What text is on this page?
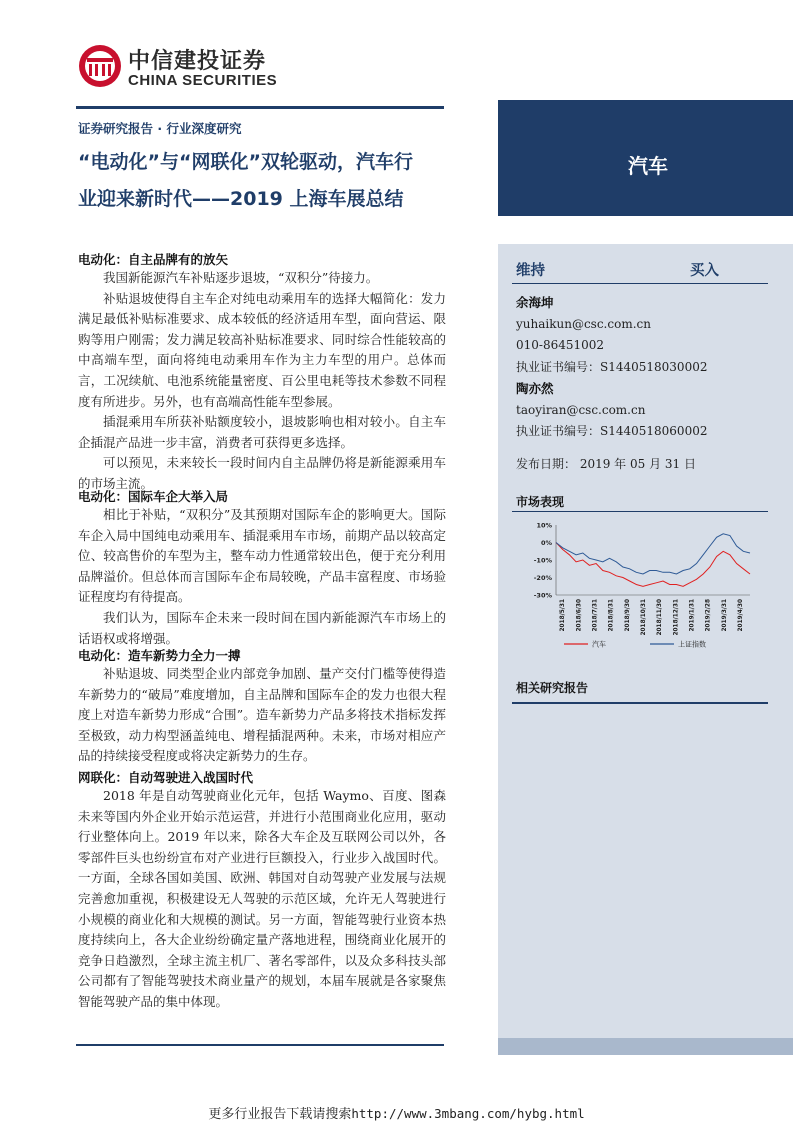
中信建投证券
CHINA SECURITIES
证券研究报告 · 行业深度研究
“电动化”与“网联化”双轮驱动，汽车行
业迎来新时代——2019 上海车展总结
汽车
维持	买入
余海坤
yuhaikun@csc.com.cn
010-86451002
执业证书编号：S1440518030002
陶亦然
taoyiran@csc.com.cn
执业证书编号：S1440518060002
发布日期： 2019 年 05 月 31 日
市场表现
10%
0%
-10%
-20%
-30%
2018/5/31 2018/6/30 2018/7/31 2018/8/31 2018/9/30 2018/10/31 2018/11/30 2018/12/31 2019/1/31 2019/2/28 2019/3/31 2019/4/30
汽车	上证指数
相关研究报告
电动化：自主品牌有的放矢

我国新能源汽车补贴逐步退坡，“双积分”待接力。

补贴退坡使得自主车企对纯电动乘用车的选择大幅简化：发力满足最低补贴标准要求、成本较低的经济适用车型，面向营运、限购等用户刚需；发力满足较高补贴标准要求、同时综合性能较高的中高端车型，面向将纯电动乘用车作为主力车型的用户。总体而言，工况续航、电池系统能量密度、百公里电耗等技术参数不同程度有所进步。另外，也有高端高性能车型参展。

插混乘用车所获补贴额度较小，退坡影响也相对较小。自主车企插混产品进一步丰富，消费者可获得更多选择。

可以预见，未来较长一段时间内自主品牌仍将是新能源乘用车的市场主流。

电动化：国际车企大举入局

相比于补贴，“双积分”及其预期对国际车企的影响更大。国际车企入局中国纯电动乘用车、插混乘用车市场，前期产品以较高定位、较高售价的车型为主，整车动力性通常较出色，便于充分利用品牌溢价。但总体而言国际车企布局较晚，产品丰富程度、市场验证程度均有待提高。

我们认为，国际车企未来一段时间在国内新能源汽车市场上的话语权或将增强。

电动化：造车新势力全力一搏

补贴退坡、同类型企业内部竞争加剧、量产交付门槛等使得造车新势力的“破局”难度增加，自主品牌和国际车企的发力也很大程度上对造车新势力形成“合围”。造车新势力产品多将技术指标发挥至极致，动力构型涵盖纯电、增程插混两种。未来，市场对相应产品的持续接受程度或将决定新势力的生存。

网联化：自动驾驶进入战国时代

2018 年是自动驾驶商业化元年，包括 Waymo、百度、图森未来等国内外企业开始示范运营，并进行小范围商业化应用，驱动行业整体向上。2019 年以来，除各大车企及互联网公司以外，各零部件巨头也纷纷宣布对产业进行巨额投入，行业步入战国时代。一方面，全球各国如美国、欧洲、韩国对自动驾驶产业发展与法规完善愈加重视，积极建设无人驾驶的示范区域，允许无人驾驶进行小规模的商业化和大规模的测试。另一方面，智能驾驶行业资本热度持续向上，各大企业纷纷确定量产落地进程，围绕商业化展开的竞争日趋激烈，全球主流主机厂、著名零部件，以及众多科技头部公司都有了智能驾驶技术商业量产的规划，本届车展就是各家聚焦智能驾驶产品的集中体现。

更多行业报告下载请搜索http://www.3mbang.com/hybg.html
